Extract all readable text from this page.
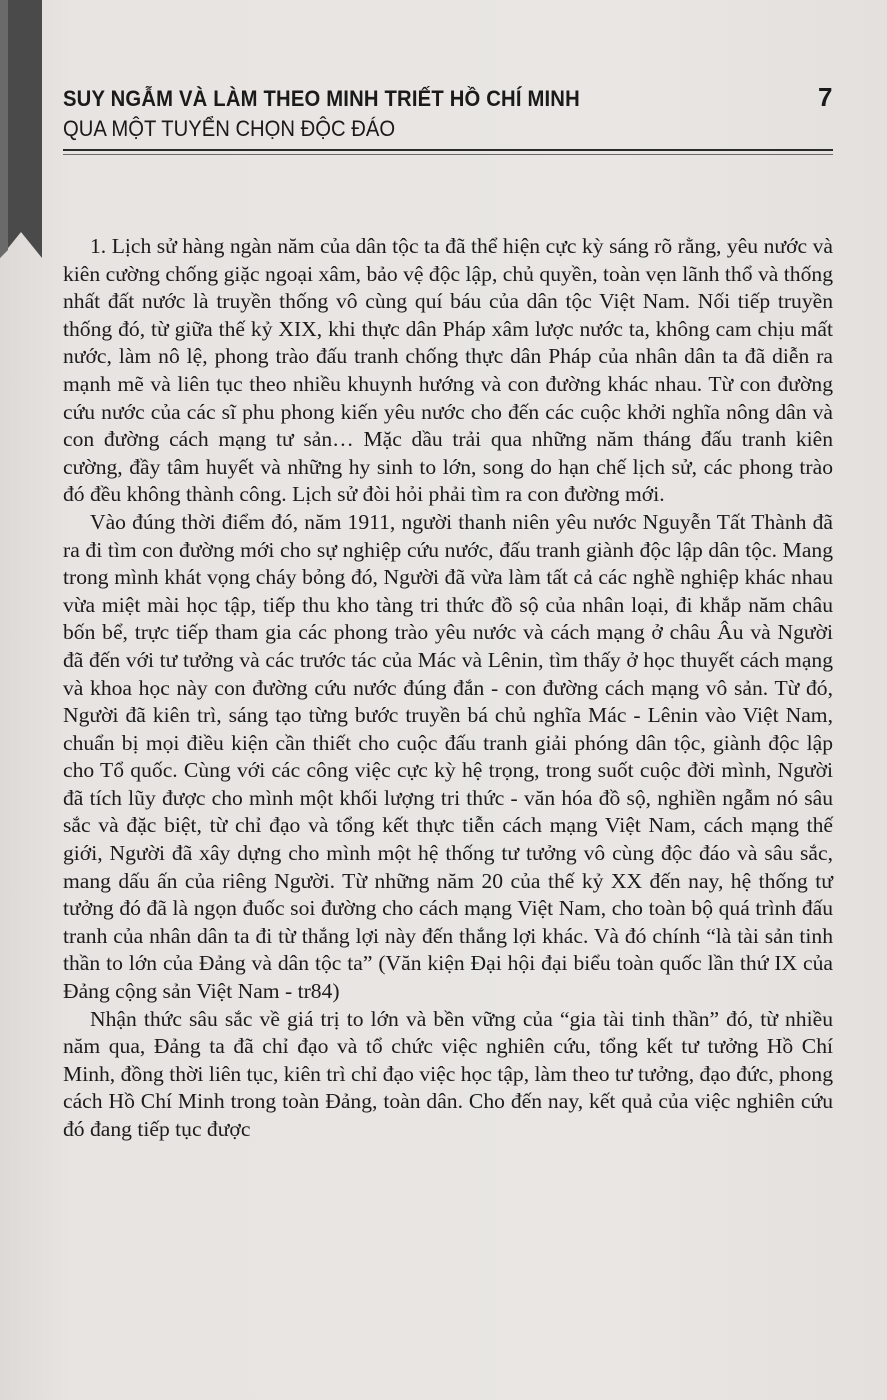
SUY NGẪM VÀ LÀM THEO MINH TRIẾT HỒ CHÍ MINH
QUA MỘT TUYỂN CHỌN ĐỘC ĐÁO
7

1. Lịch sử hàng ngàn năm của dân tộc ta đã thể hiện cực kỳ sáng rõ rằng, yêu nước và kiên cường chống giặc ngoại xâm, bảo vệ độc lập, chủ quyền, toàn vẹn lãnh thổ và thống nhất đất nước là truyền thống vô cùng quí báu của dân tộc Việt Nam. Nối tiếp truyền thống đó, từ giữa thế kỷ XIX, khi thực dân Pháp xâm lược nước ta, không cam chịu mất nước, làm nô lệ, phong trào đấu tranh chống thực dân Pháp của nhân dân ta đã diễn ra mạnh mẽ và liên tục theo nhiều khuynh hướng và con đường khác nhau. Từ con đường cứu nước của các sĩ phu phong kiến yêu nước cho đến các cuộc khởi nghĩa nông dân và con đường cách mạng tư sản… Mặc dầu trải qua những năm tháng đấu tranh kiên cường, đầy tâm huyết và những hy sinh to lớn, song do hạn chế lịch sử, các phong trào đó đều không thành công. Lịch sử đòi hỏi phải tìm ra con đường mới.

Vào đúng thời điểm đó, năm 1911, người thanh niên yêu nước Nguyễn Tất Thành đã ra đi tìm con đường mới cho sự nghiệp cứu nước, đấu tranh giành độc lập dân tộc. Mang trong mình khát vọng cháy bỏng đó, Người đã vừa làm tất cả các nghề nghiệp khác nhau vừa miệt mài học tập, tiếp thu kho tàng tri thức đồ sộ của nhân loại, đi khắp năm châu bốn bể, trực tiếp tham gia các phong trào yêu nước và cách mạng ở châu Âu và Người đã đến với tư tưởng và các trước tác của Mác và Lênin, tìm thấy ở học thuyết cách mạng và khoa học này con đường cứu nước đúng đắn - con đường cách mạng vô sản. Từ đó, Người đã kiên trì, sáng tạo từng bước truyền bá chủ nghĩa Mác - Lênin vào Việt Nam, chuẩn bị mọi điều kiện cần thiết cho cuộc đấu tranh giải phóng dân tộc, giành độc lập cho Tổ quốc. Cùng với các công việc cực kỳ hệ trọng, trong suốt cuộc đời mình, Người đã tích lũy được cho mình một khối lượng tri thức - văn hóa đồ sộ, nghiền ngẫm nó sâu sắc và đặc biệt, từ chỉ đạo và tổng kết thực tiễn cách mạng Việt Nam, cách mạng thế giới, Người đã xây dựng cho mình một hệ thống tư tưởng vô cùng độc đáo và sâu sắc, mang dấu ấn của riêng Người. Từ những năm 20 của thế kỷ XX đến nay, hệ thống tư tưởng đó đã là ngọn đuốc soi đường cho cách mạng Việt Nam, cho toàn bộ quá trình đấu tranh của nhân dân ta đi từ thắng lợi này đến thắng lợi khác. Và đó chính “là tài sản tinh thần to lớn của Đảng và dân tộc ta” (Văn kiện Đại hội đại biểu toàn quốc lần thứ IX của Đảng cộng sản Việt Nam - tr84)

Nhận thức sâu sắc về giá trị to lớn và bền vững của “gia tài tinh thần” đó, từ nhiều năm qua, Đảng ta đã chỉ đạo và tổ chức việc nghiên cứu, tổng kết tư tưởng Hồ Chí Minh, đồng thời liên tục, kiên trì chỉ đạo việc học tập, làm theo tư tưởng, đạo đức, phong cách Hồ Chí Minh trong toàn Đảng, toàn dân. Cho đến nay, kết quả của việc nghiên cứu đó đang tiếp tục được
